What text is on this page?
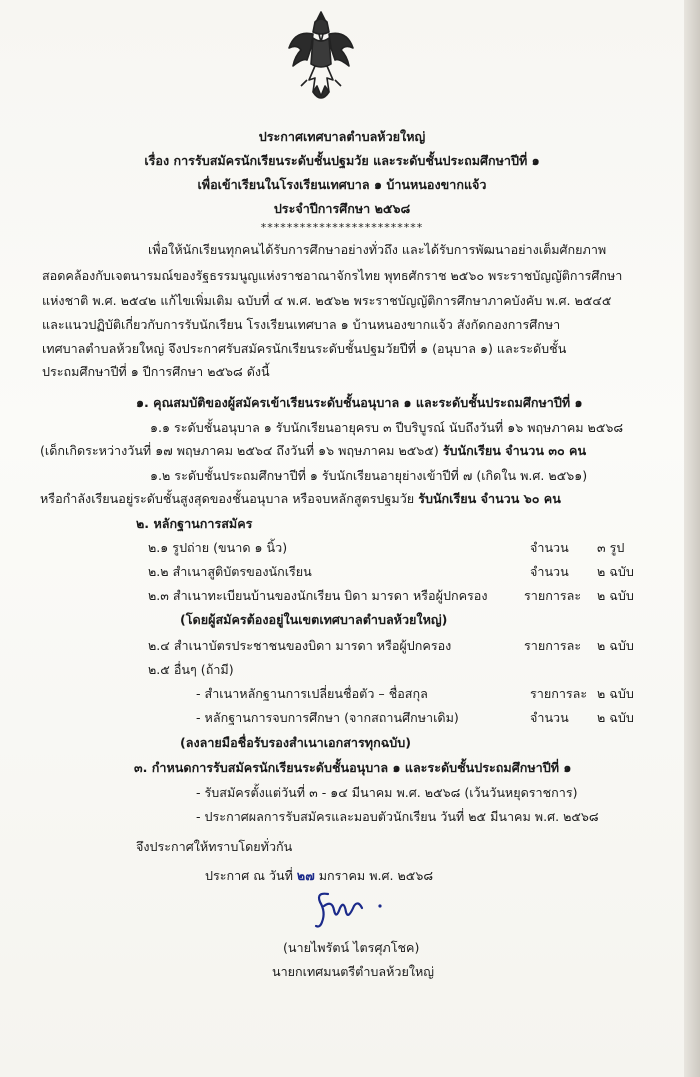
ประกาศเทศบาลตำบลห้วยใหญ่
เรื่อง การรับสมัครนักเรียนระดับชั้นปฐมวัย และระดับชั้นประถมศึกษาปีที่ ๑
เพื่อเข้าเรียนในโรงเรียนเทศบาล ๑ บ้านหนองขากแจ้ว
ประจำปีการศึกษา ๒๕๖๘
*************************
เพื่อให้นักเรียนทุกคนได้รับการศึกษาอย่างทั่วถึง และได้รับการพัฒนาอย่างเต็มศักยภาพ
สอดคล้องกับเจตนารมณ์ของรัฐธรรมนูญแห่งราชอาณาจักรไทย พุทธศักราช ๒๕๖๐ พระราชบัญญัติการศึกษา
แห่งชาติ พ.ศ. ๒๕๔๒ แก้ไขเพิ่มเติม ฉบับที่ ๔ พ.ศ. ๒๕๖๒ พระราชบัญญัติการศึกษาภาคบังคับ พ.ศ. ๒๕๔๕
และแนวปฏิบัติเกี่ยวกับการรับนักเรียน โรงเรียนเทศบาล ๑ บ้านหนองขากแจ้ว สังกัดกองการศึกษา
เทศบาลตำบลห้วยใหญ่ จึงประกาศรับสมัครนักเรียนระดับชั้นปฐมวัยปีที่ ๑ (อนุบาล ๑) และระดับชั้น
ประถมศึกษาปีที่ ๑ ปีการศึกษา ๒๕๖๘ ดังนี้
๑. คุณสมบัติของผู้สมัครเข้าเรียนระดับชั้นอนุบาล ๑ และระดับชั้นประถมศึกษาปีที่ ๑
๑.๑ ระดับชั้นอนุบาล ๑ รับนักเรียนอายุครบ ๓ ปีบริบูรณ์ นับถึงวันที่ ๑๖ พฤษภาคม ๒๕๖๘
(เด็กเกิดระหว่างวันที่ ๑๗ พฤษภาคม ๒๕๖๔ ถึงวันที่ ๑๖ พฤษภาคม ๒๕๖๕) รับนักเรียน จำนวน ๓๐ คน
๑.๒ ระดับชั้นประถมศึกษาปีที่ ๑ รับนักเรียนอายุย่างเข้าปีที่ ๗ (เกิดใน พ.ศ. ๒๕๖๑)
หรือกำลังเรียนอยู่ระดับชั้นสูงสุดของชั้นอนุบาล หรือจบหลักสูตรปฐมวัย รับนักเรียน จำนวน ๖๐ คน
๒. หลักฐานการสมัคร
๒.๑ รูปถ่าย (ขนาด ๑ นิ้ว)	จำนวน ๓ รูป
๒.๒ สำเนาสูติบัตรของนักเรียน	จำนวน ๒ ฉบับ
๒.๓ สำเนาทะเบียนบ้านของนักเรียน บิดา มารดา หรือผู้ปกครอง	รายการละ ๒ ฉบับ
(โดยผู้สมัครต้องอยู่ในเขตเทศบาลตำบลห้วยใหญ่)
๒.๔ สำเนาบัตรประชาชนของบิดา มารดา หรือผู้ปกครอง	รายการละ ๒ ฉบับ
๒.๕ อื่นๆ (ถ้ามี)
- สำเนาหลักฐานการเปลี่ยนชื่อตัว – ชื่อสกุล	รายการละ ๒ ฉบับ
- หลักฐานการจบการศึกษา (จากสถานศึกษาเดิม)	จำนวน ๒ ฉบับ
(ลงลายมือชื่อรับรองสำเนาเอกสารทุกฉบับ)
๓. กำหนดการรับสมัครนักเรียนระดับชั้นอนุบาล ๑ และระดับชั้นประถมศึกษาปีที่ ๑
- รับสมัครตั้งแต่วันที่ ๓ - ๑๔ มีนาคม พ.ศ. ๒๕๖๘ (เว้นวันหยุดราชการ)
- ประกาศผลการรับสมัครและมอบตัวนักเรียน วันที่ ๒๕ มีนาคม พ.ศ. ๒๕๖๘
จึงประกาศให้ทราบโดยทั่วกัน
ประกาศ ณ วันที่ ๒๗ มกราคม พ.ศ. ๒๕๖๘
(นายไพรัตน์ ไตรศุภโชค)
นายกเทศมนตรีตำบลห้วยใหญ่
